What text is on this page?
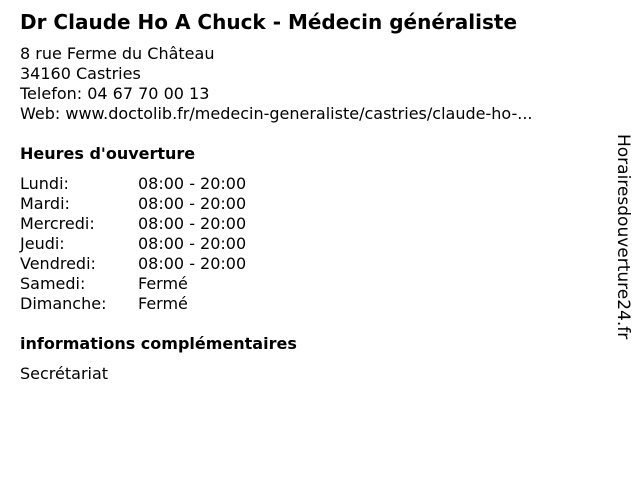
Dr Claude Ho A Chuck - Médecin généraliste
8 rue Ferme du Château
34160 Castries
Telefon: 04 67 70 00 13
Web: www.doctolib.fr/medecin-generaliste/castries/claude-ho-...
Heures d'ouverture
Lundi:	08:00 - 20:00
Mardi:	08:00 - 20:00
Mercredi:	08:00 - 20:00
Jeudi:	08:00 - 20:00
Vendredi:	08:00 - 20:00
Samedi:	Fermé
Dimanche:	Fermé
informations complémentaires
Secrétariat
Horairesdouverture24.fr
